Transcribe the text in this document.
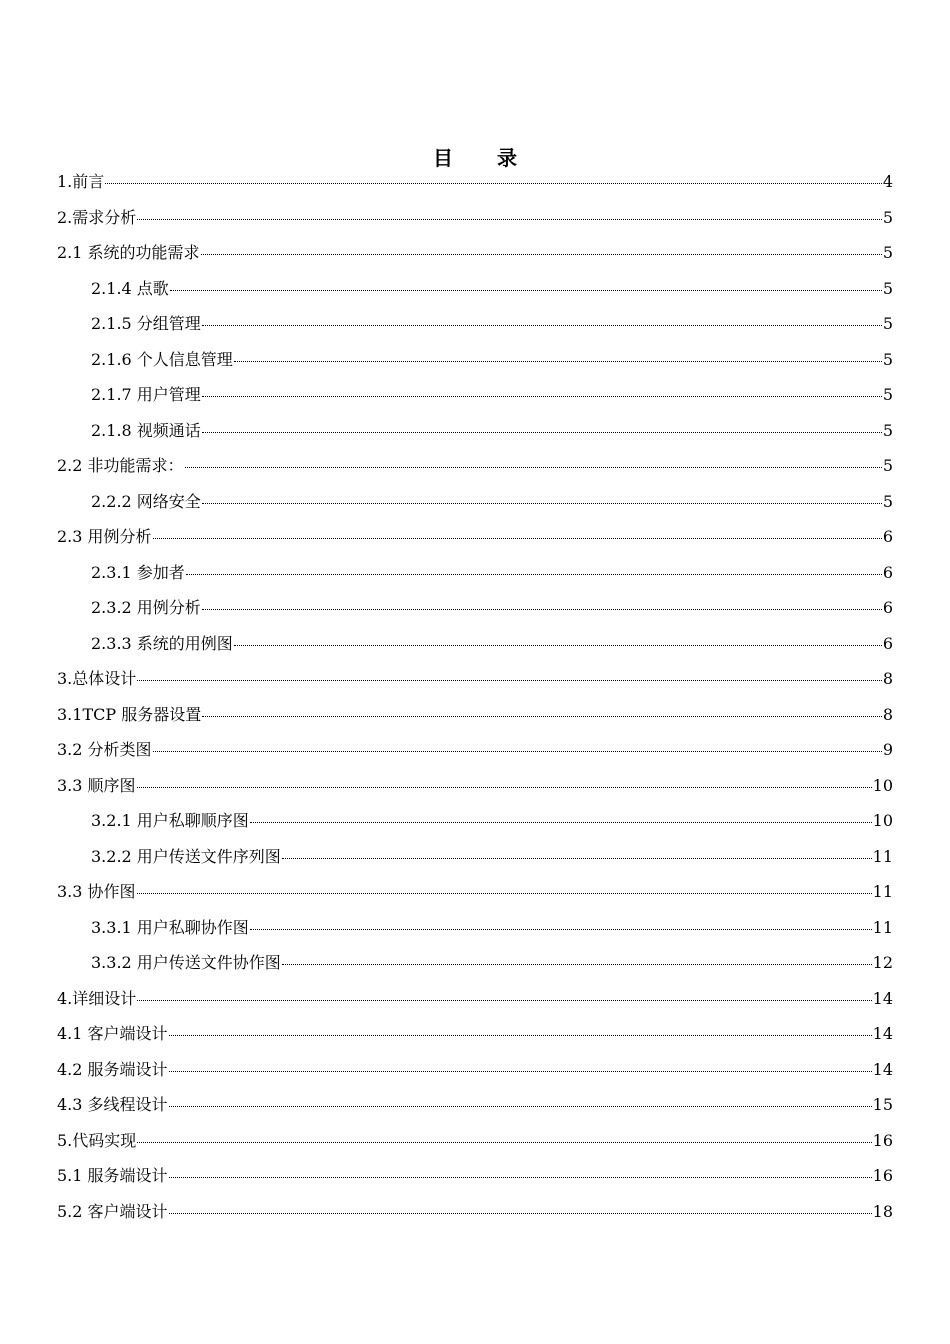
目 录
1.前言	4
2.需求分析	5
2.1 系统的功能需求	5
2.1.4 点歌	5
2.1.5 分组管理	5
2.1.6 个人信息管理	5
2.1.7 用户管理	5
2.1.8 视频通话	5
2.2 非功能需求：	5
2.2.2 网络安全	5
2.3 用例分析	6
2.3.1 参加者	6
2.3.2 用例分析	6
2.3.3 系统的用例图	6
3.总体设计	8
3.1TCP 服务器设置	8
3.2 分析类图	9
3.3 顺序图	10
3.2.1 用户私聊顺序图	10
3.2.2 用户传送文件序列图	11
3.3 协作图	11
3.3.1 用户私聊协作图	11
3.3.2 用户传送文件协作图	12
4.详细设计	14
4.1 客户端设计	14
4.2 服务端设计	14
4.3 多线程设计	15
5.代码实现	16
5.1 服务端设计	16
5.2 客户端设计	18
